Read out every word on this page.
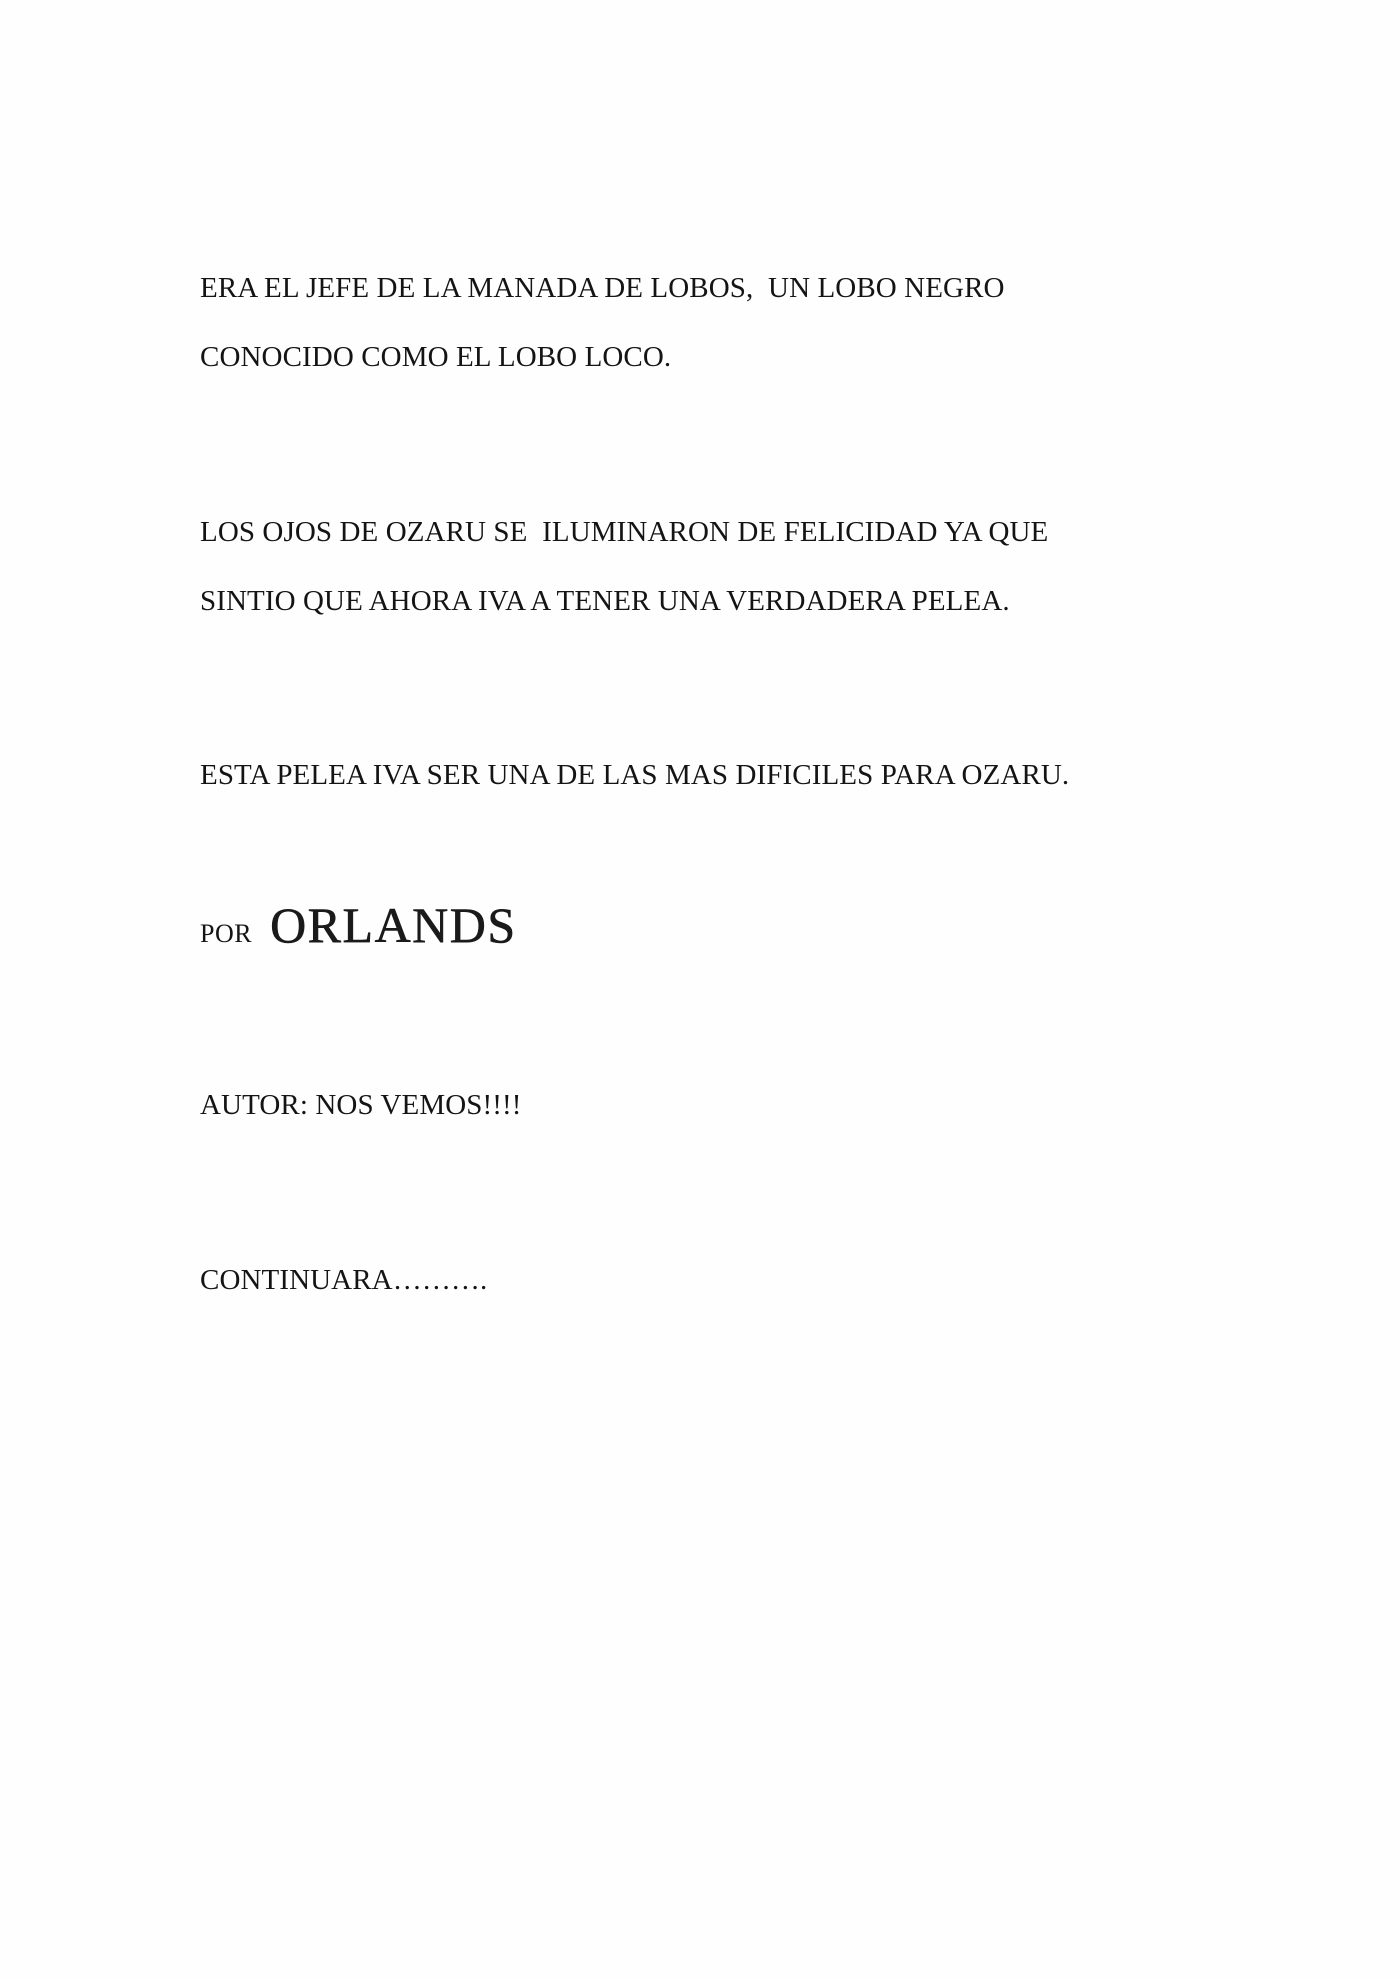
ERA EL JEFE DE LA MANADA DE LOBOS,  UN LOBO NEGRO

CONOCIDO COMO EL LOBO LOCO.

LOS OJOS DE OZARU SE  ILUMINARON DE FELICIDAD YA QUE

SINTIO QUE AHORA IVA A TENER UNA VERDADERA PELEA.

ESTA PELEA IVA SER UNA DE LAS MAS DIFICILES PARA OZARU.

POR ORLANDS

AUTOR: NOS VEMOS!!!!

CONTINUARA……….
